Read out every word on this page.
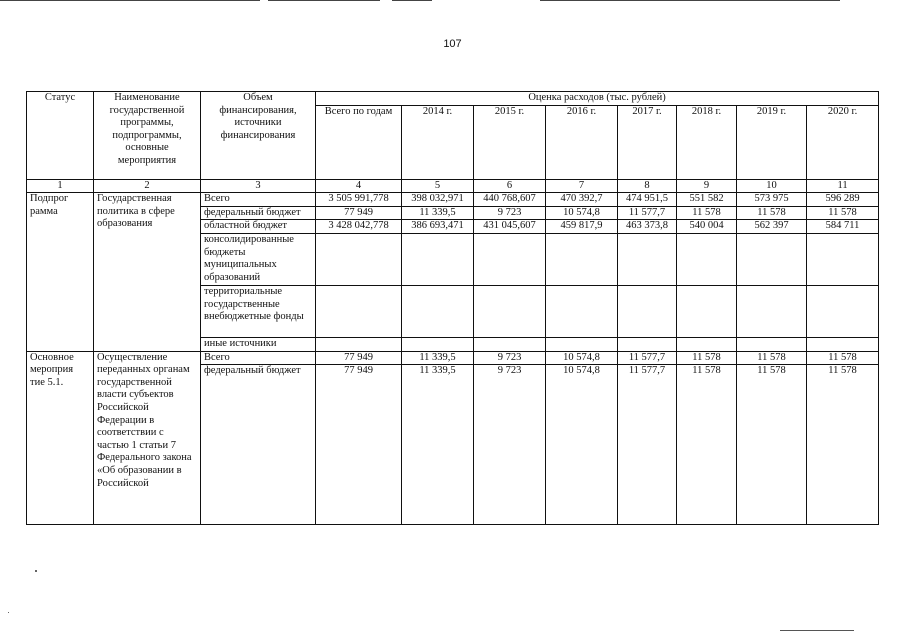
107
Статус	Наименование государственной программы, подпрограммы, основные мероприятия	Объем финансирования, источники финансирования	Оценка расходов (тыс. рублей)							
			Всего по годам	2014 г.	2015 г.	2016 г.	2017 г.	2018 г.	2019 г.	2020 г.
1	2	3	4	5	6	7	8	9	10	11
Подпрог рамма	Государственная политика в сфере образования	Всего	3 505 991,778	398 032,971	440 768,607	470 392,7	474 951,5	551 582	573 975	596 289
		федеральный бюджет	77 949	11 339,5	9 723	10 574,8	11 577,7	11 578	11 578	11 578
		областной бюджет	3 428 042,778	386 693,471	431 045,607	459 817,9	463 373,8	540 004	562 397	584 711
		консолидированные бюджеты муниципальных образований								
		территориальные государственные внебюджетные фонды								
		иные источники								
Основное мероприя тие 5.1.	Осуществление переданных органам государственной власти субъектов Российской Федерации в соответствии с частью 1 статьи 7 Федерального закона «Об образовании в Российской	Всего	77 949	11 339,5	9 723	10 574,8	11 577,7	11 578	11 578	11 578
		федеральный бюджет	77 949	11 339,5	9 723	10 574,8	11 577,7	11 578	11 578	11 578
